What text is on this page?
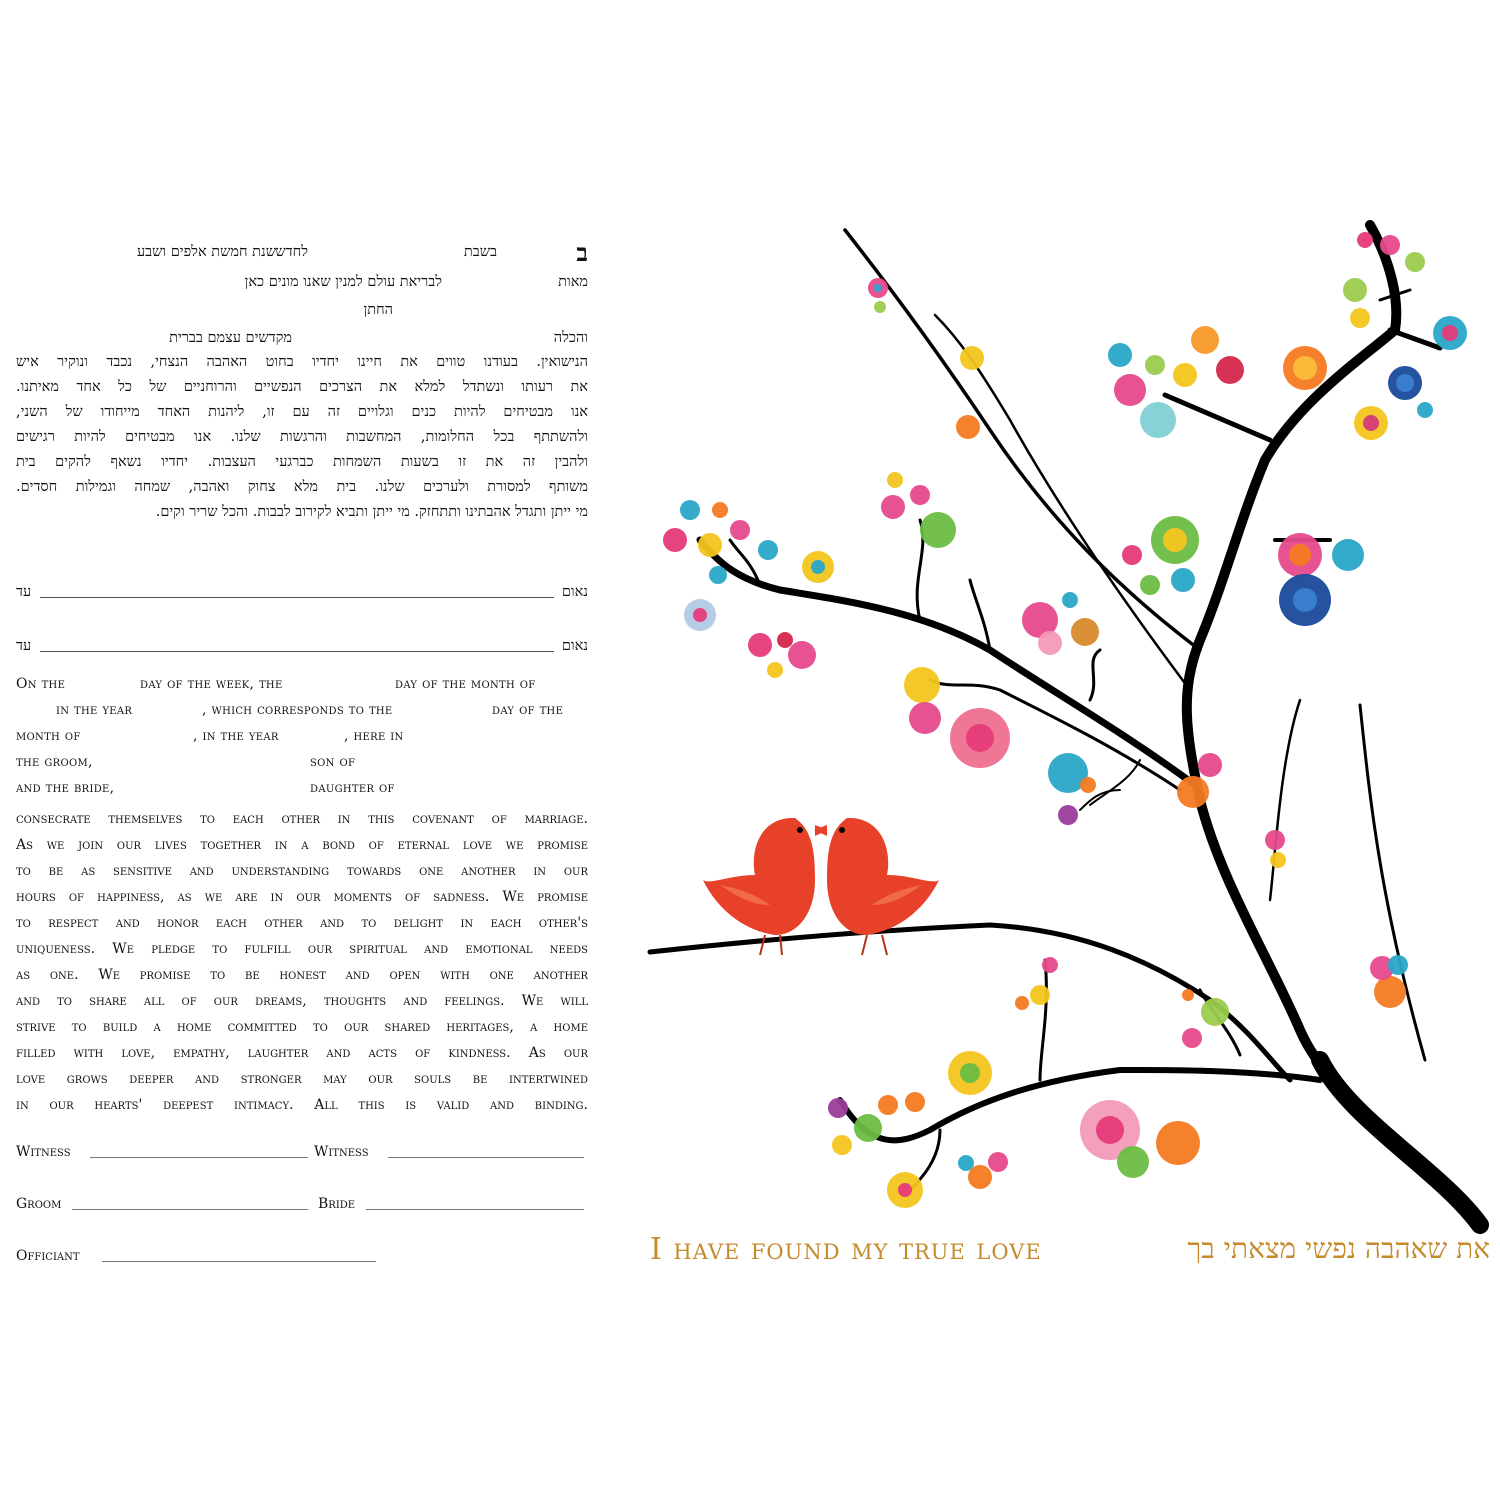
ב
בשבת
לחדש
שנת חמשת אלפים ושבע
מאות
לבריאת עולם למנין שאנו מונים כאן
החתן
והכלה
מקדשים עצמם בברית
הנישואין. בעודנו טווים את חיינו יחדיו בחוט האהבה הנצחי, נכבד ונוקיר איש
את רעותו ונשתדל למלא את הצרכים הנפשיים והרוחניים של כל אחד מאיתנו.
אנו מבטיחים להיות כנים וגלויים זה עם זו, ליהנות האחד מייחודו של השני,
ולהשתתף בכל החלומות, המחשבות והרגשות שלנו. אנו מבטיחים להיות רגישים
ולהבין זה את זו בשעות השמחות כברגעי העצבות. יחדיו נשאף להקים בית
משותף למסורת ולערכים שלנו. בית מלא צחוק ואהבה, שמחה וגמילות חסדים.
מי ייתן ותגדל אהבתינו ותתחזק. מי ייתן ותביא לקירוב לבבות. והכל שריר וקים.
נאום
עד
נאום
עד
On the	day of the week, the	day of the month of
in the year	, which corresponds to the	day of the
month of	, in the year	, here in
the groom,	son of
and the bride,	daughter of
consecrate themselves to each other in this covenant of marriage.
As we join our lives together in a bond of eternal love we promise
to be as sensitive and understanding towards one another in our
hours of happiness, as we are in our moments of sadness. We promise
to respect and honor each other and to delight in each other's
uniqueness. We pledge to fulfill our spiritual and emotional needs
as one. We promise to be honest and open with one another
and to share all of our dreams, thoughts and feelings. We will
strive to build a home committed to our shared heritages, a home
filled with love, empathy, laughter and acts of kindness. As our
love grows deeper and stronger may our souls be intertwined
in our hearts' deepest intimacy. All this is valid and binding.
Witness	Witness
Groom	Bride
Officiant	I have found my true love	את שאהבה נפשי מצאתי בך
